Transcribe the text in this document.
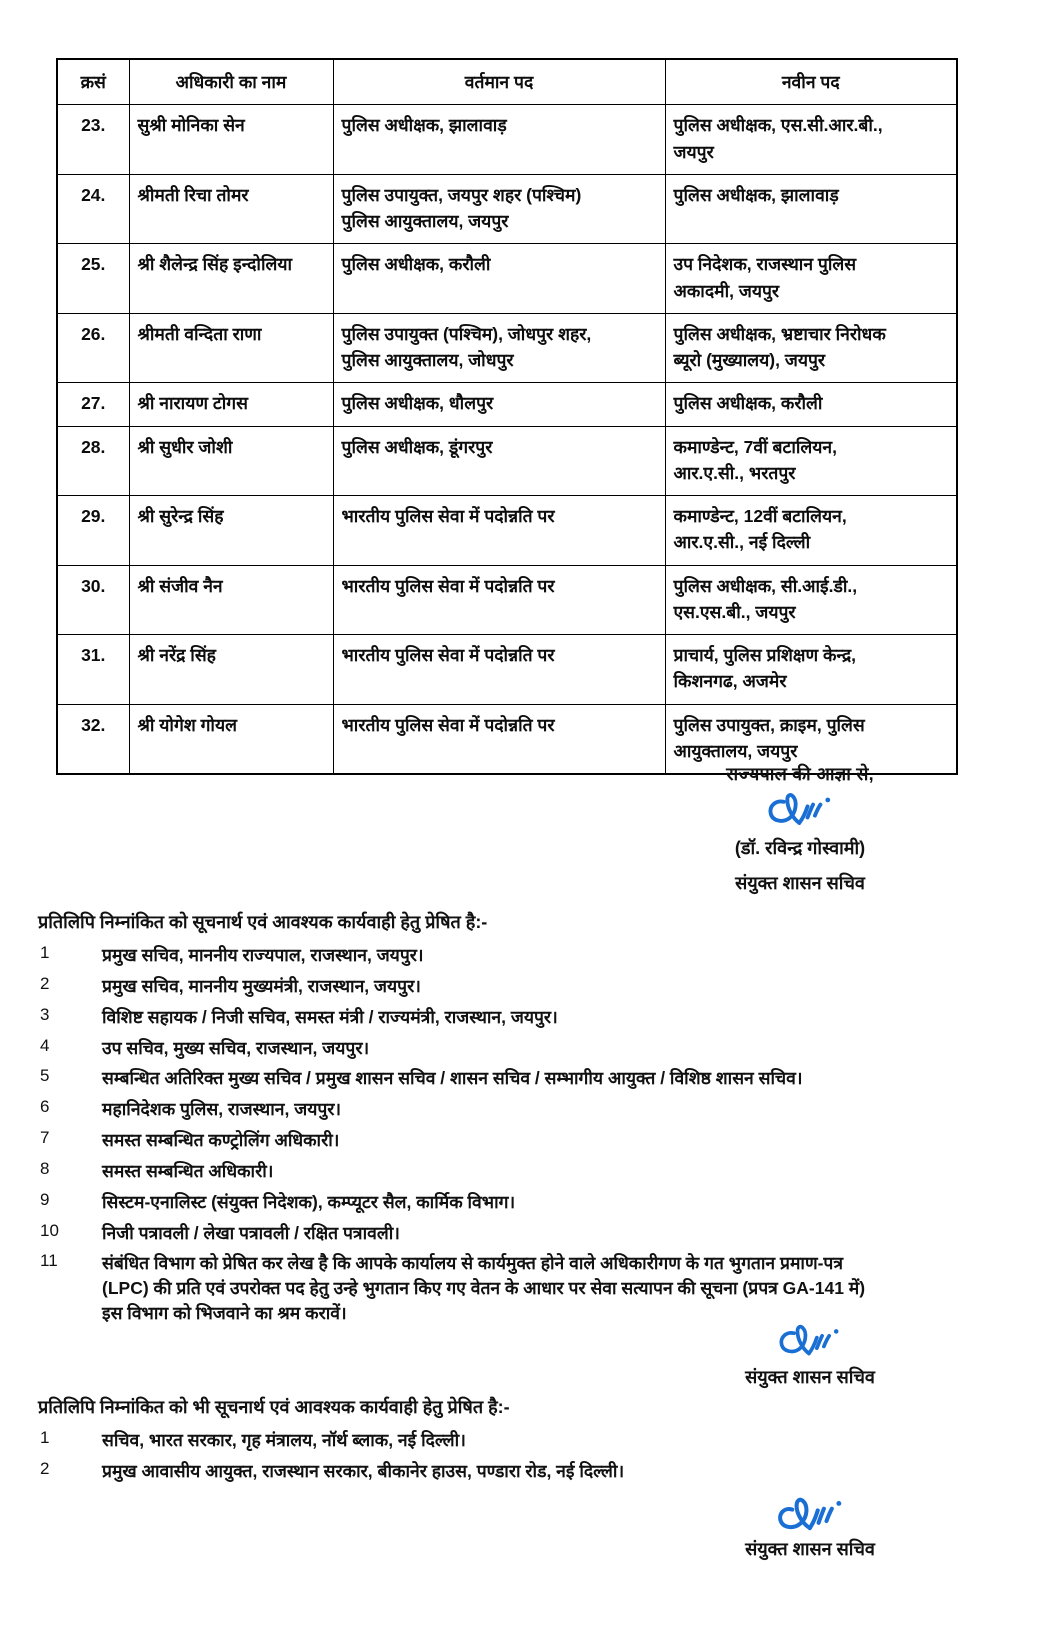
क्रसं	अधिकारी का नाम	वर्तमान पद	नवीन पद
23.	सुश्री मोनिका सेन	पुलिस अधीक्षक, झालावाड़	पुलिस अधीक्षक, एस.सी.आर.बी.,
जयपुर

24.	श्रीमती रिचा तोमर	पुलिस उपायुक्त, जयपुर शहर (पश्चिम)
पुलिस आयुक्तालय, जयपुर	पुलिस अधीक्षक, झालावाड़

25.	श्री शैलेन्द्र सिंह इन्दोलिया	पुलिस अधीक्षक, करौली	उप निदेशक, राजस्थान पुलिस
अकादमी, जयपुर

26.	श्रीमती वन्दिता राणा	पुलिस उपायुक्त (पश्चिम), जोधपुर शहर,
पुलिस आयुक्तालय, जोधपुर	पुलिस अधीक्षक, भ्रष्टाचार निरोधक
ब्यूरो (मुख्यालय), जयपुर

27.	श्री नारायण टोगस	पुलिस अधीक्षक, धौलपुर	पुलिस अधीक्षक, करौली

28.	श्री सुधीर जोशी	पुलिस अधीक्षक, डूंगरपुर	कमाण्डेन्ट, 7वीं बटालियन,
आर.ए.सी., भरतपुर

29.	श्री सुरेन्द्र सिंह	भारतीय पुलिस सेवा में पदोन्नति पर	कमाण्डेन्ट, 12वीं बटालियन,
आर.ए.सी., नई दिल्ली

30.	श्री संजीव नैन	भारतीय पुलिस सेवा में पदोन्नति पर	पुलिस अधीक्षक, सी.आई.डी.,
एस.एस.बी., जयपुर

31.	श्री नरेंद्र सिंह	भारतीय पुलिस सेवा में पदोन्नति पर	प्राचार्य, पुलिस प्रशिक्षण केन्द्र,
किशनगढ, अजमेर

32.	श्री योगेश गोयल	भारतीय पुलिस सेवा में पदोन्नति पर	पुलिस उपायुक्त, क्राइम, पुलिस
आयुक्तालय, जयपुर
राज्यपाल की आज्ञा से,
(डॉ. रविन्द्र गोस्वामी)
संयुक्त शासन सचिव
प्रतिलिपि निम्नांकित को सूचनार्थ एवं आवश्यक कार्यवाही हेतु प्रेषित है:-
1	प्रमुख सचिव, माननीय राज्यपाल, राजस्थान, जयपुर।
2	प्रमुख सचिव, माननीय मुख्यमंत्री, राजस्थान, जयपुर।
3	विशिष्ट सहायक / निजी सचिव, समस्त मंत्री / राज्यमंत्री, राजस्थान, जयपुर।
4	उप सचिव, मुख्य सचिव, राजस्थान, जयपुर।
5	सम्बन्धित अतिरिक्त मुख्य सचिव / प्रमुख शासन सचिव / शासन सचिव / सम्भागीय आयुक्त / विशिष्ठ शासन सचिव।
6	महानिदेशक पुलिस, राजस्थान, जयपुर।
7	समस्त सम्बन्धित कण्ट्रोलिंग अधिकारी।
8	समस्त सम्बन्धित अधिकारी।
9	सिस्टम-एनालिस्ट (संयुक्त निदेशक), कम्प्यूटर सैल, कार्मिक विभाग।
10	निजी पत्रावली / लेखा पत्रावली / रक्षित पत्रावली।
11	संबंधित विभाग को प्रेषित कर लेख है कि आपके कार्यालय से कार्यमुक्त होने वाले अधिकारीगण के गत भुगतान प्रमाण-पत्र
(LPC) की प्रति एवं उपरोक्त पद हेतु उन्हे भुगतान किए गए वेतन के आधार पर सेवा सत्यापन की सूचना (प्रपत्र GA-141 में)
इस विभाग को भिजवाने का श्रम करावें।
संयुक्त शासन सचिव
प्रतिलिपि निम्नांकित को भी सूचनार्थ एवं आवश्यक कार्यवाही हेतु प्रेषित है:-
1	सचिव, भारत सरकार, गृह मंत्रालय, नॉर्थ ब्लाक, नई दिल्ली।
2	प्रमुख आवासीय आयुक्त, राजस्थान सरकार, बीकानेर हाउस, पण्डारा रोड, नई दिल्ली।
संयुक्त शासन सचिव
